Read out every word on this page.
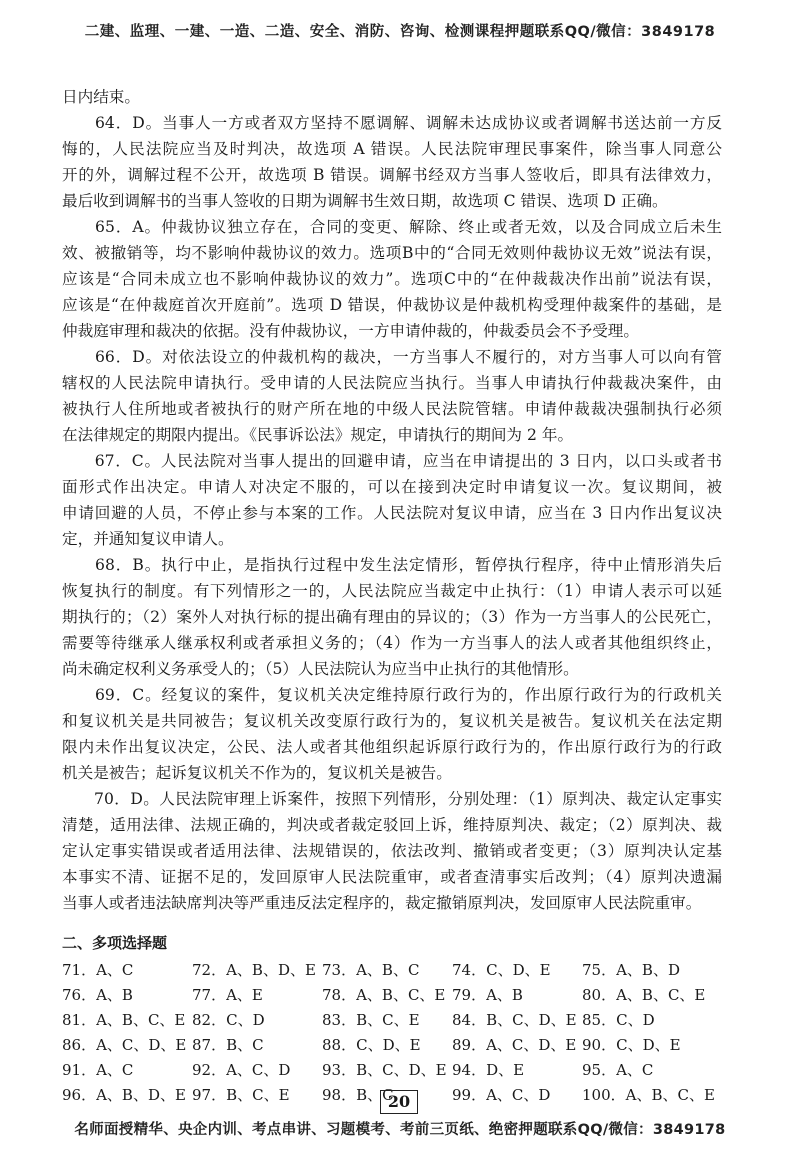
二建、监理、一建、一造、二造、安全、消防、咨询、检测课程押题联系QQ/微信：3849178
日内结束。
　　64．D。当事人一方或者双方坚持不愿调解、调解未达成协议或者调解书送达前一方反
悔的，人民法院应当及时判决，故选项 A 错误。人民法院审理民事案件，除当事人同意公
开的外，调解过程不公开，故选项 B 错误。调解书经双方当事人签收后，即具有法律效力，
最后收到调解书的当事人签收的日期为调解书生效日期，故选项 C 错误、选项 D 正确。
　　65．A。仲裁协议独立存在，合同的变更、解除、终止或者无效，以及合同成立后未生
效、被撤销等，均不影响仲裁协议的效力。选项B中的“合同无效则仲裁协议无效”说法有误，
应该是“合同未成立也不影响仲裁协议的效力”。选项C中的“在仲裁裁决作出前”说法有误，
应该是“在仲裁庭首次开庭前”。选项 D 错误，仲裁协议是仲裁机构受理仲裁案件的基础，是
仲裁庭审理和裁决的依据。没有仲裁协议，一方申请仲裁的，仲裁委员会不予受理。
　　66．D。对依法设立的仲裁机构的裁决，一方当事人不履行的，对方当事人可以向有管
辖权的人民法院申请执行。受申请的人民法院应当执行。当事人申请执行仲裁裁决案件，由
被执行人住所地或者被执行的财产所在地的中级人民法院管辖。申请仲裁裁决强制执行必须
在法律规定的期限内提出。《民事诉讼法》规定，申请执行的期间为 2 年。
　　67．C。人民法院对当事人提出的回避申请，应当在申请提出的 3 日内，以口头或者书
面形式作出决定。申请人对决定不服的，可以在接到决定时申请复议一次。复议期间，被
申请回避的人员，不停止参与本案的工作。人民法院对复议申请，应当在 3 日内作出复议决
定，并通知复议申请人。
　　68．B。执行中止，是指执行过程中发生法定情形，暂停执行程序，待中止情形消失后
恢复执行的制度。有下列情形之一的，人民法院应当裁定中止执行：（1）申请人表示可以延
期执行的；（2）案外人对执行标的提出确有理由的异议的；（3）作为一方当事人的公民死亡，
需要等待继承人继承权利或者承担义务的；（4）作为一方当事人的法人或者其他组织终止，
尚未确定权利义务承受人的；（5）人民法院认为应当中止执行的其他情形。
　　69．C。经复议的案件，复议机关决定维持原行政行为的，作出原行政行为的行政机关
和复议机关是共同被告；复议机关改变原行政行为的，复议机关是被告。复议机关在法定期
限内未作出复议决定，公民、法人或者其他组织起诉原行政行为的，作出原行政行为的行政
机关是被告；起诉复议机关不作为的，复议机关是被告。
　　70．D。人民法院审理上诉案件，按照下列情形，分别处理：（1）原判决、裁定认定事实
清楚，适用法律、法规正确的，判决或者裁定驳回上诉，维持原判决、裁定；（2）原判决、裁
定认定事实错误或者适用法律、法规错误的，依法改判、撤销或者变更；（3）原判决认定基
本事实不清、证据不足的，发回原审人民法院重审，或者查清事实后改判；（4）原判决遗漏
当事人或者违法缺席判决等严重违反法定程序的，裁定撤销原判决，发回原审人民法院重审。
二、多项选择题
71．A、C	72．A、B、D、E 73．A、B、C	74．C、D、E	75．A、B、D
76．A、B	77．A、E	78．A、B、C、E 79．A、B	80．A、B、C、E
81．A、B、C、E 82．C、D	83．B、C、E	84．B、C、D、E 85．C、D
86．A、C、D、E 87．B、C	88．C、D、E	89．A、C、D、E 90．C、D、E
91．A、C	92．A、C、D	93．B、C、D、E 94．D、E	95．A、C
96．A、B、D、E 97．B、C、E	98．B、C	99．A、C、D	100．A、B、C、E
20
名师面授精华、央企内训、考点串讲、习题模考、考前三页纸、绝密押题联系QQ/微信：3849178
